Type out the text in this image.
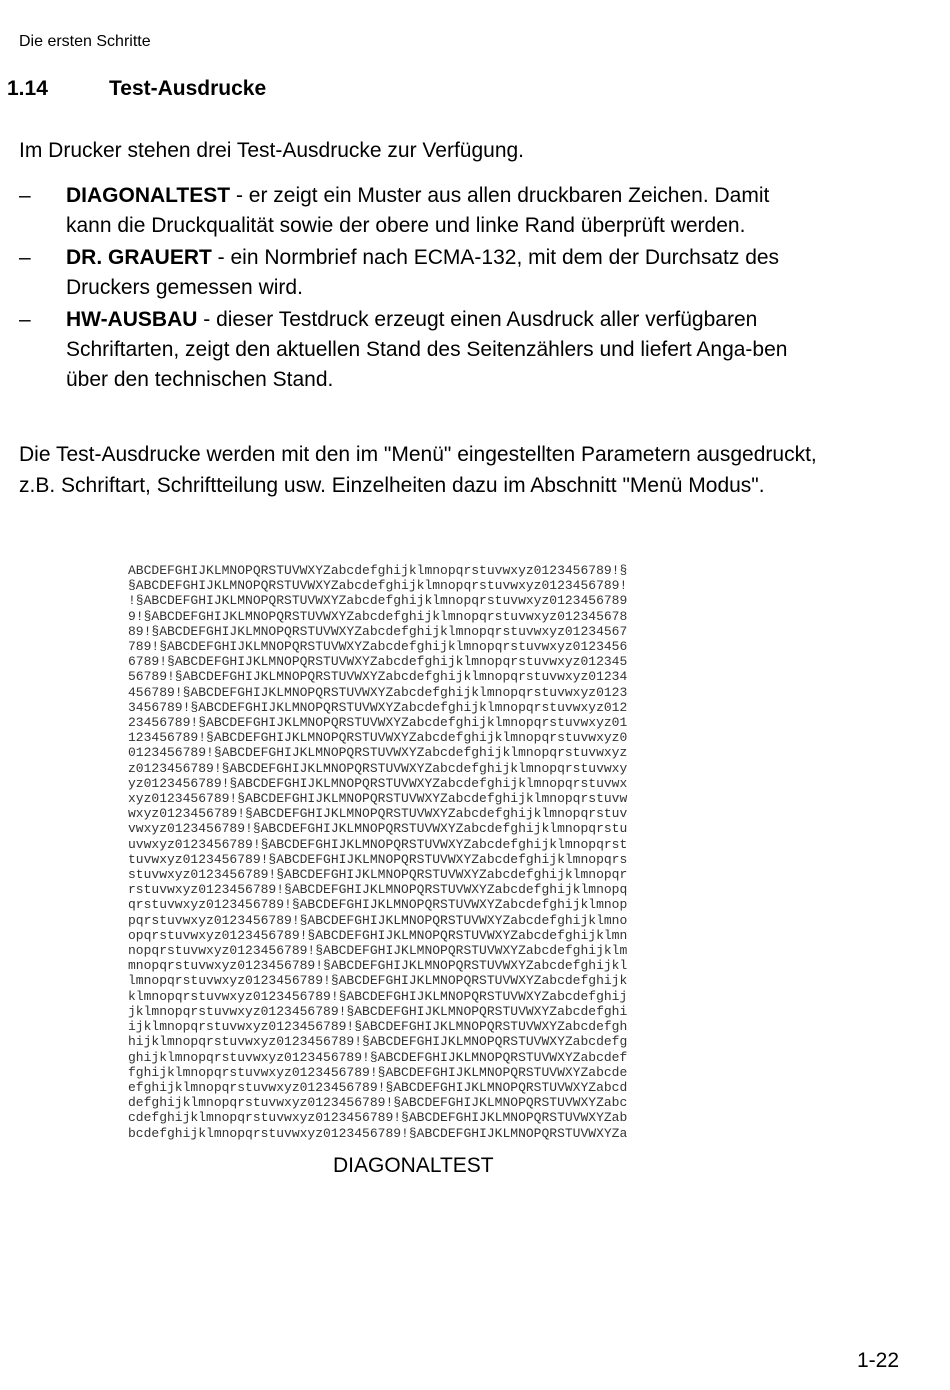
Die ersten Schritte
1.14	Test-Ausdrucke

Im Drucker stehen drei Test-Ausdrucke zur Verfügung.

– DIAGONALTEST - er zeigt ein Muster aus allen druckbaren Zeichen. Damit kann die Druckqualität sowie der obere und linke Rand überprüft werden.
– DR. GRAUERT - ein Normbrief nach ECMA-132, mit dem der Durchsatz des Druckers gemessen wird.
– HW-AUSBAU - dieser Testdruck erzeugt einen Ausdruck aller verfügbaren Schriftarten, zeigt den aktuellen Stand des Seitenzählers und liefert Anga-ben über den technischen Stand.

Die Test-Ausdrucke werden mit den im "Menü" eingestellten Parametern ausgedruckt, z.B. Schriftart, Schriftteilung usw. Einzelheiten dazu im Abschnitt "Menü Modus".

ABCDEFGHIJKLMNOPQRSTUVWXYZabcdefghijklmnopqrstuvwxyz0123456789!§
§ABCDEFGHIJKLMNOPQRSTUVWXYZabcdefghijklmnopqrstuvwxyz0123456789!
!§ABCDEFGHIJKLMNOPQRSTUVWXYZabcdefghijklmnopqrstuvwxyz0123456789
9!§ABCDEFGHIJKLMNOPQRSTUVWXYZabcdefghijklmnopqrstuvwxyz012345678
89!§ABCDEFGHIJKLMNOPQRSTUVWXYZabcdefghijklmnopqrstuvwxyz01234567
789!§ABCDEFGHIJKLMNOPQRSTUVWXYZabcdefghijklmnopqrstuvwxyz0123456
6789!§ABCDEFGHIJKLMNOPQRSTUVWXYZabcdefghijklmnopqrstuvwxyz012345
56789!§ABCDEFGHIJKLMNOPQRSTUVWXYZabcdefghijklmnopqrstuvwxyz01234
456789!§ABCDEFGHIJKLMNOPQRSTUVWXYZabcdefghijklmnopqrstuvwxyz0123
3456789!§ABCDEFGHIJKLMNOPQRSTUVWXYZabcdefghijklmnopqrstuvwxyz012
23456789!§ABCDEFGHIJKLMNOPQRSTUVWXYZabcdefghijklmnopqrstuvwxyz01
123456789!§ABCDEFGHIJKLMNOPQRSTUVWXYZabcdefghijklmnopqrstuvwxyz0
0123456789!§ABCDEFGHIJKLMNOPQRSTUVWXYZabcdefghijklmnopqrstuvwxyz
z0123456789!§ABCDEFGHIJKLMNOPQRSTUVWXYZabcdefghijklmnopqrstuvwxy
yz0123456789!§ABCDEFGHIJKLMNOPQRSTUVWXYZabcdefghijklmnopqrstuvwx
xyz0123456789!§ABCDEFGHIJKLMNOPQRSTUVWXYZabcdefghijklmnopqrstuvw
wxyz0123456789!§ABCDEFGHIJKLMNOPQRSTUVWXYZabcdefghijklmnopqrstuv
vwxyz0123456789!§ABCDEFGHIJKLMNOPQRSTUVWXYZabcdefghijklmnopqrstu
uvwxyz0123456789!§ABCDEFGHIJKLMNOPQRSTUVWXYZabcdefghijklmnopqrst
tuvwxyz0123456789!§ABCDEFGHIJKLMNOPQRSTUVWXYZabcdefghijklmnopqrs
stuvwxyz0123456789!§ABCDEFGHIJKLMNOPQRSTUVWXYZabcdefghijklmnopqr
rstuvwxyz0123456789!§ABCDEFGHIJKLMNOPQRSTUVWXYZabcdefghijklmnopq
qrstuvwxyz0123456789!§ABCDEFGHIJKLMNOPQRSTUVWXYZabcdefghijklmnop
pqrstuvwxyz0123456789!§ABCDEFGHIJKLMNOPQRSTUVWXYZabcdefghijklmno
opqrstuvwxyz0123456789!§ABCDEFGHIJKLMNOPQRSTUVWXYZabcdefghijklmn
nopqrstuvwxyz0123456789!§ABCDEFGHIJKLMNOPQRSTUVWXYZabcdefghijklm
mnopqrstuvwxyz0123456789!§ABCDEFGHIJKLMNOPQRSTUVWXYZabcdefghijkl
lmnopqrstuvwxyz0123456789!§ABCDEFGHIJKLMNOPQRSTUVWXYZabcdefghijk
klmnopqrstuvwxyz0123456789!§ABCDEFGHIJKLMNOPQRSTUVWXYZabcdefghij
jklmnopqrstuvwxyz0123456789!§ABCDEFGHIJKLMNOPQRSTUVWXYZabcdefghi
ijklmnopqrstuvwxyz0123456789!§ABCDEFGHIJKLMNOPQRSTUVWXYZabcdefgh
hijklmnopqrstuvwxyz0123456789!§ABCDEFGHIJKLMNOPQRSTUVWXYZabcdefg
ghijklmnopqrstuvwxyz0123456789!§ABCDEFGHIJKLMNOPQRSTUVWXYZabcdef
fghijklmnopqrstuvwxyz0123456789!§ABCDEFGHIJKLMNOPQRSTUVWXYZabcde
efghijklmnopqrstuvwxyz0123456789!§ABCDEFGHIJKLMNOPQRSTUVWXYZabcd
defghijklmnopqrstuvwxyz0123456789!§ABCDEFGHIJKLMNOPQRSTUVWXYZabc
cdefghijklmnopqrstuvwxyz0123456789!§ABCDEFGHIJKLMNOPQRSTUVWXYZab
bcdefghijklmnopqrstuvwxyz0123456789!§ABCDEFGHIJKLMNOPQRSTUVWXYZa
DIAGONALTEST
1-22
